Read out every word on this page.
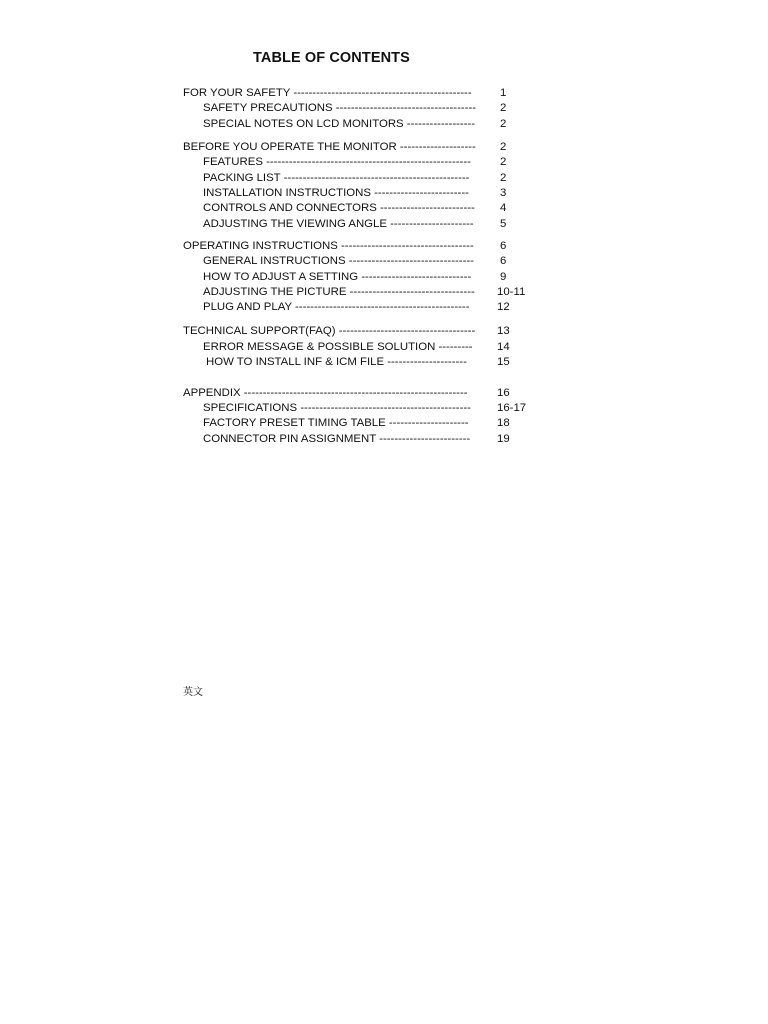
TABLE OF CONTENTS
FOR YOUR SAFETY -----------------------------------------------	1
SAFETY PRECAUTIONS -------------------------------------	2
SPECIAL NOTES ON LCD MONITORS ------------------	2
BEFORE YOU OPERATE THE MONITOR --------------------	2
FEATURES ------------------------------------------------------	2
PACKING LIST -------------------------------------------------	2
INSTALLATION INSTRUCTIONS -------------------------	3
CONTROLS AND CONNECTORS -------------------------	4
ADJUSTING THE VIEWING ANGLE ----------------------	5
OPERATING INSTRUCTIONS -----------------------------------	6
GENERAL INSTRUCTIONS ---------------------------------	6
HOW TO ADJUST A SETTING -----------------------------	9
ADJUSTING THE PICTURE ---------------------------------	10-11
PLUG AND PLAY ----------------------------------------------	12
TECHNICAL SUPPORT(FAQ) ------------------------------------	13
ERROR MESSAGE & POSSIBLE SOLUTION ---------	14
HOW TO INSTALL INF & ICM FILE ---------------------	15
APPENDIX -----------------------------------------------------------	16
SPECIFICATIONS ---------------------------------------------	16-17
FACTORY PRESET TIMING TABLE ---------------------	18
CONNECTOR PIN ASSIGNMENT ------------------------	19
英文
